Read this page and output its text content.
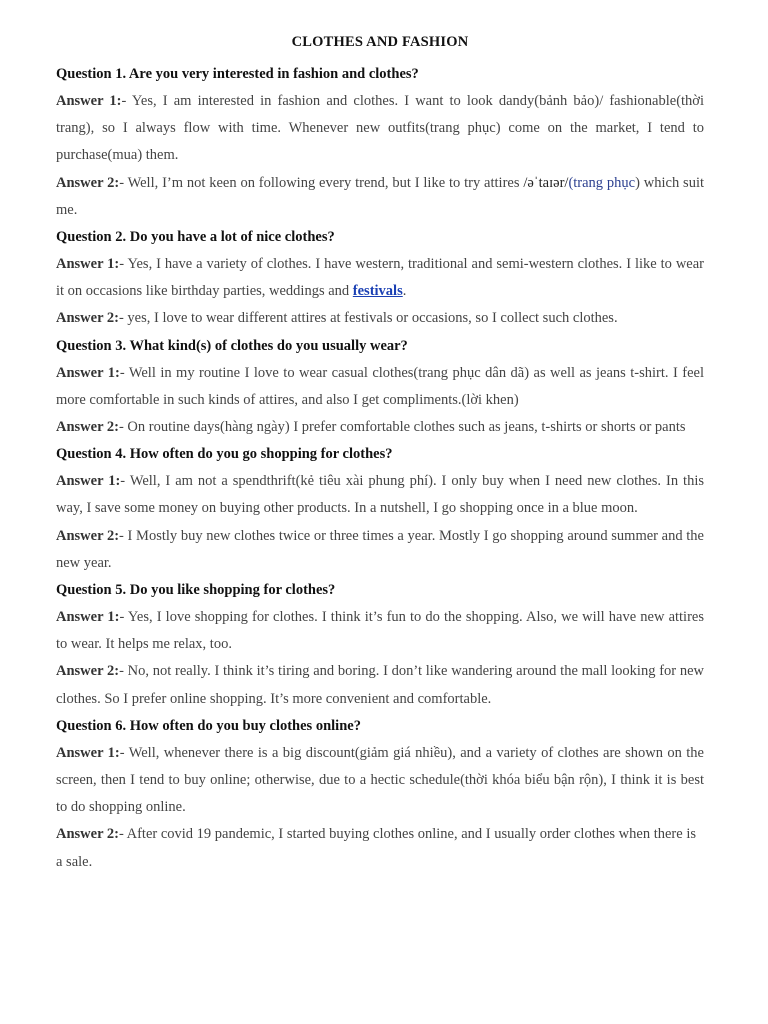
CLOTHES AND FASHION

Question 1. Are you very interested in fashion and clothes?

Answer 1:- Yes, I am interested in fashion and clothes. I want to look dandy(bảnh bảo)/ fashionable(thời trang), so I always flow with time. Whenever new outfits(trang phục) come on the market, I tend to purchase(mua) them.

Answer 2:- Well, I’m not keen on following every trend, but I like to try attires /əˈtaɪər/(trang phục) which suit me.

Question 2. Do you have a lot of nice clothes?

Answer 1:- Yes, I have a variety of clothes. I have western, traditional and semi-western clothes. I like to wear it on occasions like birthday parties, weddings and festivals.

Answer 2:- yes, I love to wear different attires at festivals or occasions, so I collect such clothes.

Question 3. What kind(s) of clothes do you usually wear?

Answer 1:- Well in my routine I love to wear casual clothes(trang phục dân dã) as well as jeans t-shirt. I feel more comfortable in such kinds of attires, and also I get compliments.(lời khen)

Answer 2:- On routine days(hàng ngày) I prefer comfortable clothes such as jeans, t-shirts or shorts or pants

Question 4. How often do you go shopping for clothes?

Answer 1:- Well, I am not a spendthrift(kẻ tiêu xài phung phí). I only buy when I need new clothes. In this way, I save some money on buying other products. In a nutshell, I go shopping once in a blue moon.

Answer 2:- I Mostly buy new clothes twice or three times a year. Mostly I go shopping around summer and the new year.

Question 5. Do you like shopping for clothes?

Answer 1:- Yes, I love shopping for clothes. I think it’s fun to do the shopping. Also, we will have new attires to wear. It helps me relax, too.

Answer 2:- No, not really. I think it’s tiring and boring. I don’t like wandering around the mall looking for new clothes. So I prefer online shopping. It’s more convenient and comfortable.

Question 6. How often do you buy clothes online?

Answer 1:- Well, whenever there is a big discount(giảm giá nhiều), and a variety of clothes are shown on the screen, then I tend to buy online; otherwise, due to a hectic schedule(thời khóa biểu bận rộn), I think it is best to do shopping online.

Answer 2:- After covid 19 pandemic, I started buying clothes online, and I usually order clothes when there is a sale.
